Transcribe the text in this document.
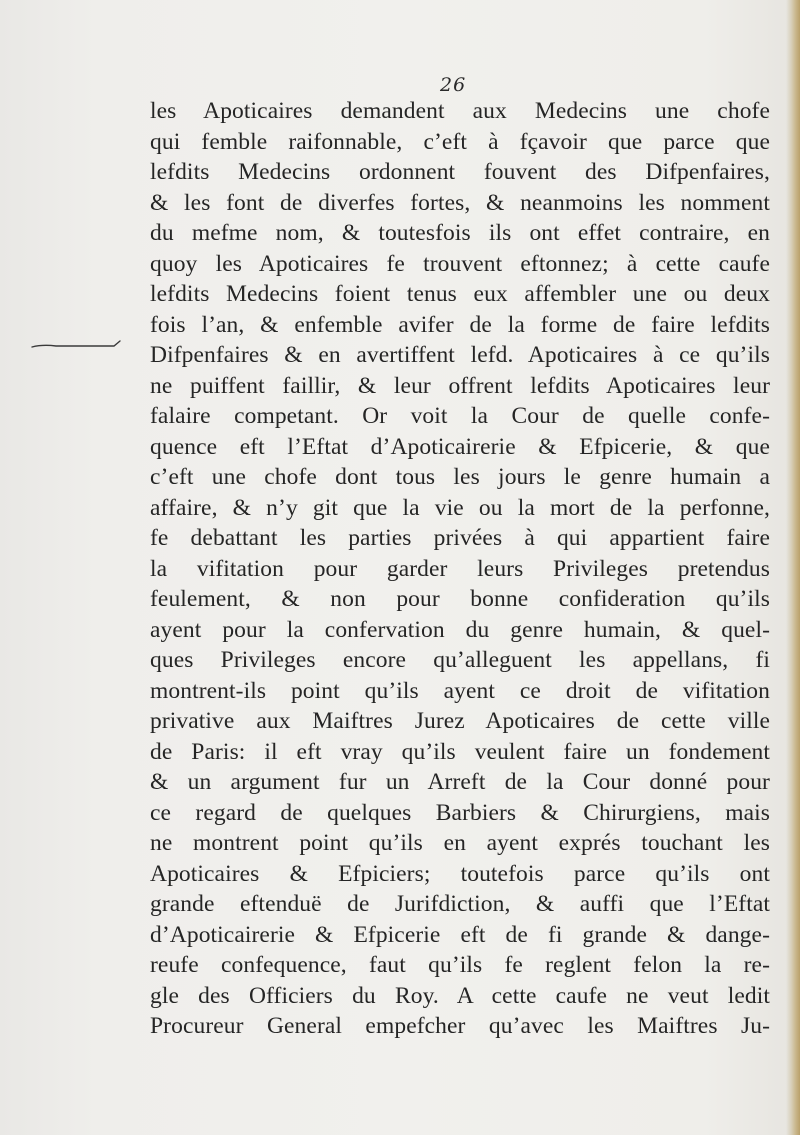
26
les Apoticaires demandent aux Medecins une chofe
qui femble raifonnable, c’eft à fçavoir que parce que
lefdits Medecins ordonnent fouvent des Difpenfaires,
& les font de diverfes fortes, & neanmoins les nomment
du mefme nom, & toutesfois ils ont effet contraire, en
quoy les Apoticaires fe trouvent eftonnez; à cette caufe
lefdits Medecins foient tenus eux affembler une ou deux
fois l’an, & enfemble avifer de la forme de faire lefdits
Difpenfaires & en avertiffent lefd. Apoticaires à ce qu’ils
ne puiffent faillir, & leur offrent lefdits Apoticaires leur
falaire competant. Or voit la Cour de quelle confe-
quence eft l’Eftat d’Apoticairerie & Efpicerie, & que
c’eft une chofe dont tous les jours le genre humain a
affaire, & n’y git que la vie ou la mort de la perfonne,
fe debattant les parties privées à qui appartient faire
la vifitation pour garder leurs Privileges pretendus
feulement, & non pour bonne confideration qu’ils
ayent pour la confervation du genre humain, & quel-
ques Privileges encore qu’alleguent les appellans, fi
montrent-ils point qu’ils ayent ce droit de vifitation
privative aux Maiftres Jurez Apoticaires de cette ville
de Paris: il eft vray qu’ils veulent faire un fondement
& un argument fur un Arreft de la Cour donné pour
ce regard de quelques Barbiers & Chirurgiens, mais
ne montrent point qu’ils en ayent exprés touchant les
Apoticaires & Efpiciers; toutefois parce qu’ils ont
grande eftenduë de Jurifdiction, & auffi que l’Eftat
d’Apoticairerie & Efpicerie eft de fi grande & dange-
reufe confequence, faut qu’ils fe reglent felon la re-
gle des Officiers du Roy. A cette caufe ne veut ledit
Procureur General empefcher qu’avec les Maiftres Ju-
